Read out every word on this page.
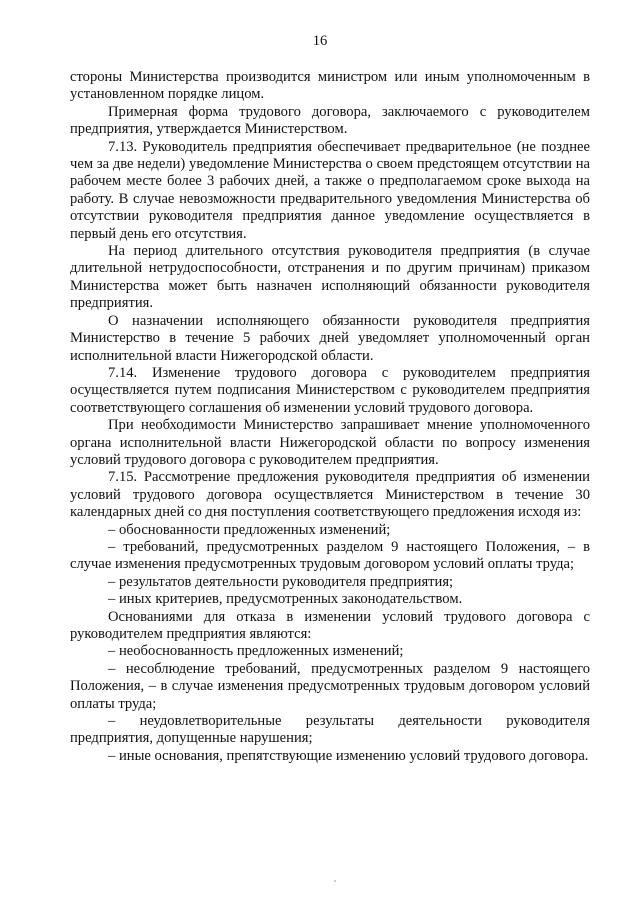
16

стороны Министерства производится министром или иным уполномоченным в установленном порядке лицом.

Примерная форма трудового договора, заключаемого с руководителем предприятия, утверждается Министерством.

7.13. Руководитель предприятия обеспечивает предварительное (не позднее чем за две недели) уведомление Министерства о своем предстоящем отсутствии на рабочем месте более 3 рабочих дней, а также о предполагаемом сроке выхода на работу. В случае невозможности предварительного уведомления Министерства об отсутствии руководителя предприятия данное уведомление осуществляется в первый день его отсутствия.

На период длительного отсутствия руководителя предприятия (в случае длительной нетрудоспособности, отстранения и по другим причинам) приказом Министерства может быть назначен исполняющий обязанности руководителя предприятия.

О назначении исполняющего обязанности руководителя предприятия Министерство в течение 5 рабочих дней уведомляет уполномоченный орган исполнительной власти Нижегородской области.

7.14. Изменение трудового договора с руководителем предприятия осуществляется путем подписания Министерством с руководителем предприятия соответствующего соглашения об изменении условий трудового договора.

При необходимости Министерство запрашивает мнение уполномоченного органа исполнительной власти Нижегородской области по вопросу изменения условий трудового договора с руководителем предприятия.

7.15. Рассмотрение предложения руководителя предприятия об изменении условий трудового договора осуществляется Министерством в течение 30 календарных дней со дня поступления соответствующего предложения исходя из:

– обоснованности предложенных изменений;

– требований, предусмотренных разделом 9 настоящего Положения, – в случае изменения предусмотренных трудовым договором условий оплаты труда;

– результатов деятельности руководителя предприятия;

– иных критериев, предусмотренных законодательством.

Основаниями для отказа в изменении условий трудового договора с руководителем предприятия являются:

– необоснованность предложенных изменений;

– несоблюдение требований, предусмотренных разделом 9 настоящего Положения, – в случае изменения предусмотренных трудовым договором условий оплаты труда;

– неудовлетворительные результаты деятельности руководителя предприятия, допущенные нарушения;

– иные основания, препятствующие изменению условий трудового договора.
